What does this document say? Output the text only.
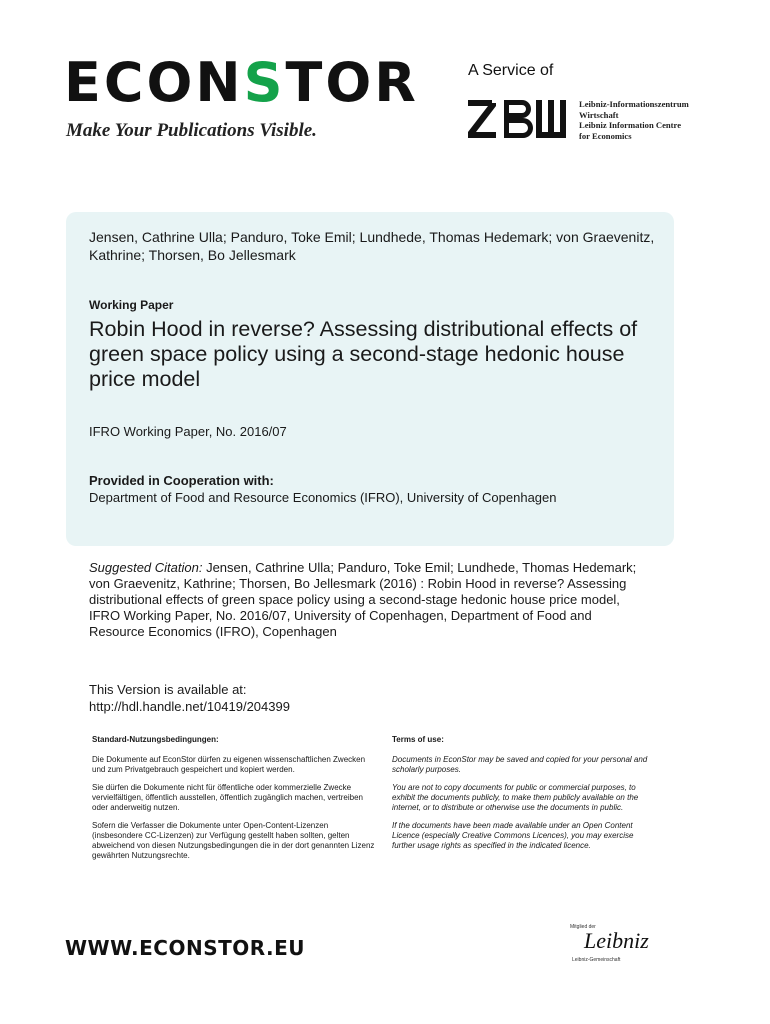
ECONSTOR
Make Your Publications Visible.
A Service of
Leibniz-Informationszentrum
Wirtschaft
Leibniz Information Centre
for Economics
Jensen, Cathrine Ulla; Panduro, Toke Emil; Lundhede, Thomas Hedemark; von Graevenitz, Kathrine; Thorsen, Bo Jellesmark
Working Paper
Robin Hood in reverse? Assessing distributional effects of green space policy using a second-stage hedonic house price model
IFRO Working Paper, No. 2016/07
Provided in Cooperation with:
Department of Food and Resource Economics (IFRO), University of Copenhagen
Suggested Citation: Jensen, Cathrine Ulla; Panduro, Toke Emil; Lundhede, Thomas Hedemark; von Graevenitz, Kathrine; Thorsen, Bo Jellesmark (2016) : Robin Hood in reverse? Assessing distributional effects of green space policy using a second-stage hedonic house price model, IFRO Working Paper, No. 2016/07, University of Copenhagen, Department of Food and Resource Economics (IFRO), Copenhagen
This Version is available at:
http://hdl.handle.net/10419/204399
Standard-Nutzungsbedingungen:

Die Dokumente auf EconStor dürfen zu eigenen wissenschaftlichen Zwecken und zum Privatgebrauch gespeichert und kopiert werden.

Sie dürfen die Dokumente nicht für öffentliche oder kommerzielle Zwecke vervielfältigen, öffentlich ausstellen, öffentlich zugänglich machen, vertreiben oder anderweitig nutzen.

Sofern die Verfasser die Dokumente unter Open-Content-Lizenzen (insbesondere CC-Lizenzen) zur Verfügung gestellt haben sollten, gelten abweichend von diesen Nutzungsbedingungen die in der dort genannten Lizenz gewährten Nutzungsrechte.

Terms of use:

Documents in EconStor may be saved and copied for your personal and scholarly purposes.

You are not to copy documents for public or commercial purposes, to exhibit the documents publicly, to make them publicly available on the internet, or to distribute or otherwise use the documents in public.

If the documents have been made available under an Open Content Licence (especially Creative Commons Licences), you may exercise further usage rights as specified in the indicated licence.

WWW.ECONSTOR.EU
Mitglied der
Leibniz
Leibniz-Gemeinschaft
